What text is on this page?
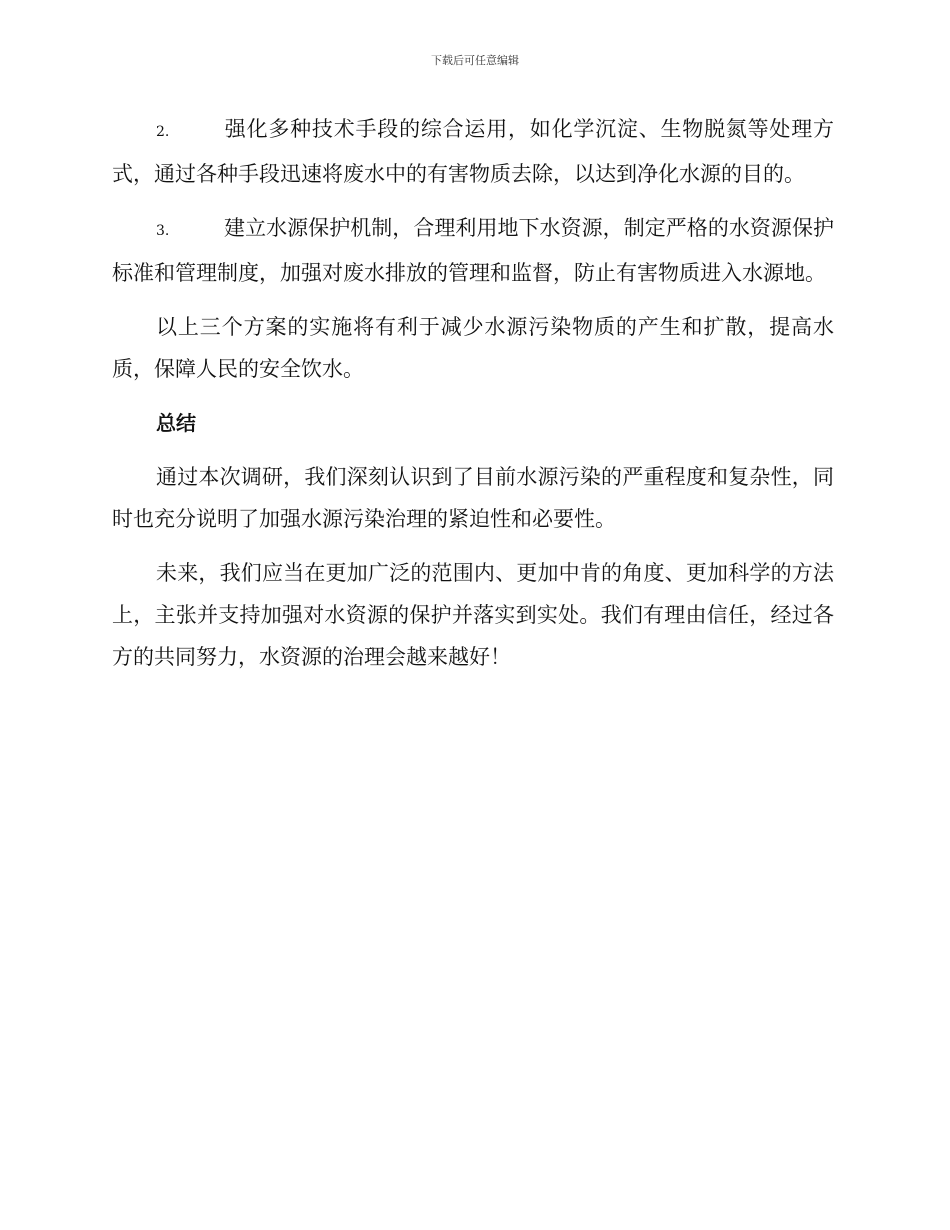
下载后可任意编辑

2.	强化多种技术手段的综合运用，如化学沉淀、生物脱氮等处理方式，通过各种手段迅速将废水中的有害物质去除，以达到净化水源的目的。

3.	建立水源保护机制，合理利用地下水资源，制定严格的水资源保护标准和管理制度，加强对废水排放的管理和监督，防止有害物质进入水源地。

以上三个方案的实施将有利于减少水源污染物质的产生和扩散，提高水质，保障人民的安全饮水。

总结

通过本次调研，我们深刻认识到了目前水源污染的严重程度和复杂性，同时也充分说明了加强水源污染治理的紧迫性和必要性。

未来，我们应当在更加广泛的范围内、更加中肯的角度、更加科学的方法上，主张并支持加强对水资源的保护并落实到实处。我们有理由信任，经过各方的共同努力，水资源的治理会越来越好！
